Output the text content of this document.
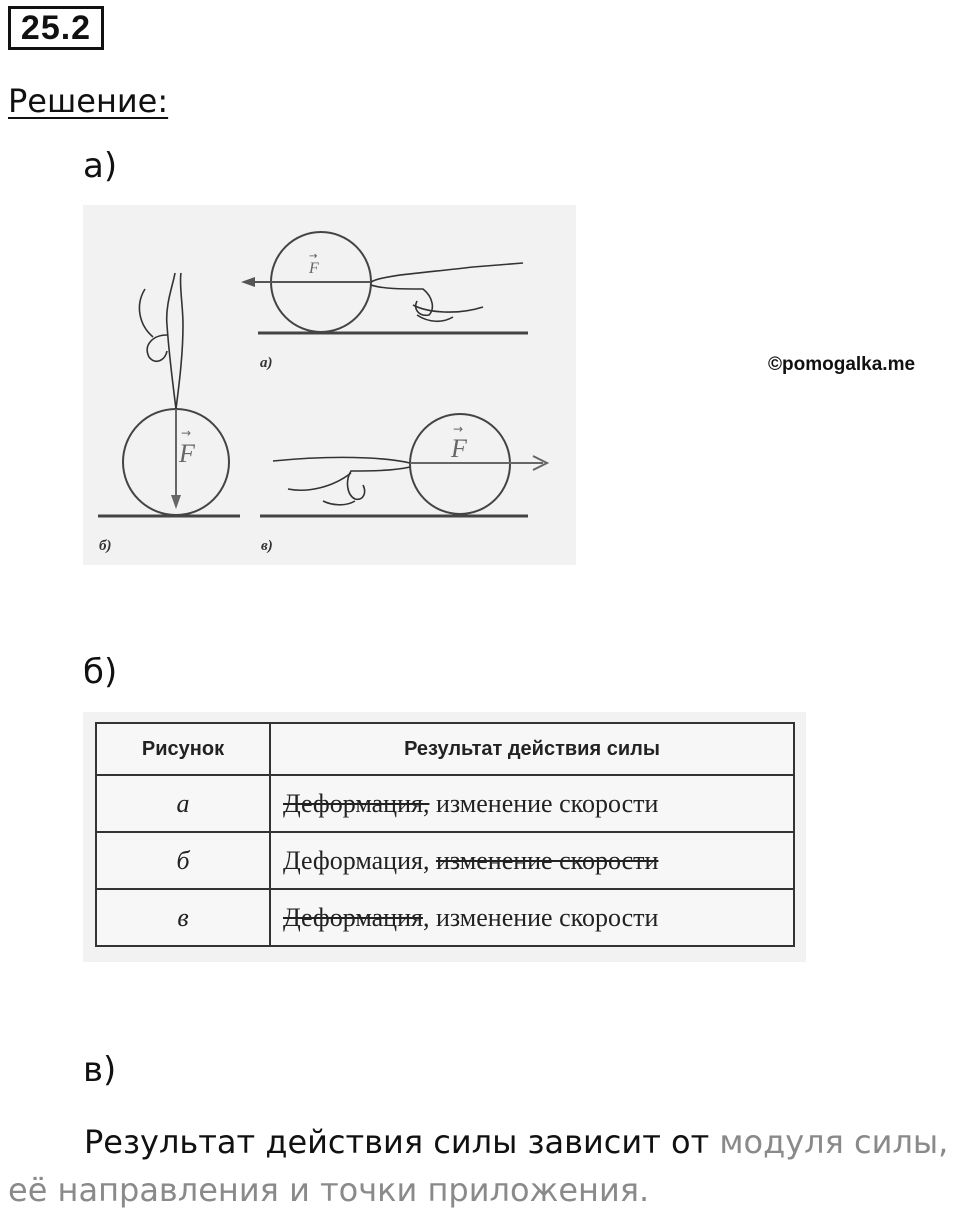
25.2
Решение:
а)
F
→
а)
F
→
б)
F
→
в)
©pomogalka.me
б)
Рисунок	Результат действия силы
а	Деформация, изменение скорости
б	Деформация, изменение скорости
в	Деформация, изменение скорости
в)
Результат действия силы зависит от модуля силы, её направления и точки приложения.
